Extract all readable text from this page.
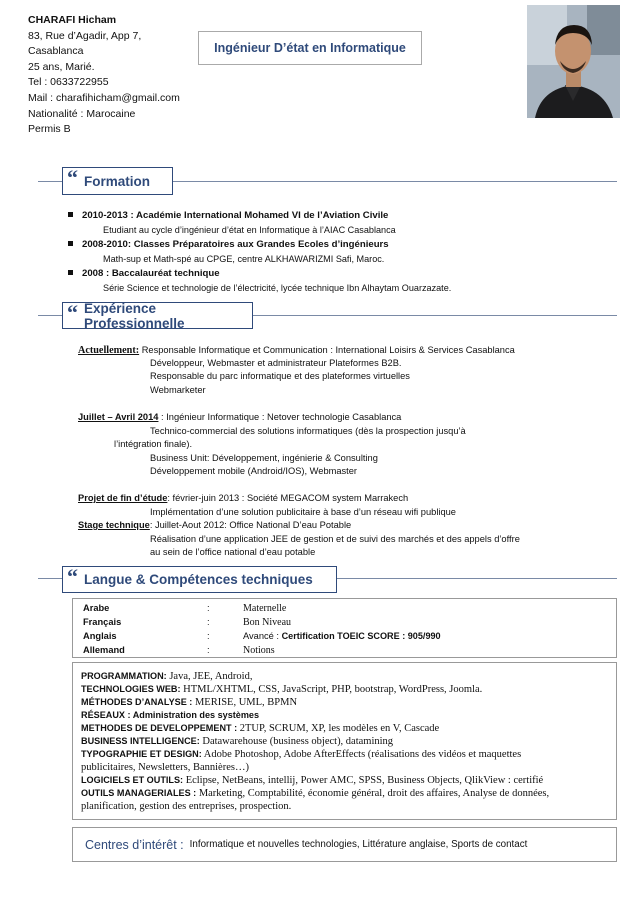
CHARAFI Hicham
83, Rue d’Agadir, App 7,
Casablanca
25 ans, Marié.
Tel : 0633722955
Mail : charafihicham@gmail.com
Nationalité : Marocaine
Permis B
Ingénieur D’état en Informatique
“ Formation
2010-2013 : Académie International Mohamed VI de l’Aviation Civile
Etudiant au cycle d’ingénieur d’état en Informatique à l’AIAC Casablanca
2008-2010: Classes Préparatoires aux Grandes Ecoles d’ingénieurs
Math-sup et Math-spé au CPGE, centre ALKHAWARIZMI Safi, Maroc.
2008 : Baccalauréat technique
Série Science et technologie de l’électricité, lycée technique Ibn Alhaytam Ouarzazate.
“ Expérience Professionnelle
Actuellement: Responsable Informatique et Communication : International Loisirs & Services Casablanca
Développeur, Webmaster et administrateur Plateformes B2B.
Responsable du parc informatique et des plateformes virtuelles
Webmarketer
Juillet – Avril 2014 : Ingénieur Informatique : Netover technologie Casablanca
Technico-commercial des solutions informatiques (dès la prospection jusqu’à
l’intégration finale).
Business Unit: Développement, ingénierie & Consulting
Développement mobile (Android/IOS), Webmaster
Projet de fin d’étude: février-juin 2013 : Société MEGACOM system Marrakech
Implémentation d’une solution publicitaire à base d’un réseau wifi publique
Stage technique: Juillet-Aout 2012: Office National D’eau Potable
Réalisation d’une application JEE de gestion et de suivi des marchés et des appels d’offre
au sein de l’office national d’eau potable
“ Langue & Compétences techniques
Arabe	:	Maternelle
Français	:	Bon Niveau
Anglais	:	Avancé : Certification TOEIC SCORE : 905/990
Allemand	:	Notions
PROGRAMMATION: Java, JEE, Android,
TECHNOLOGIES WEB: HTML/XHTML, CSS, JavaScript, PHP, bootstrap, WordPress, Joomla.
MÉTHODES D’ANALYSE : MERISE, UML, BPMN
RÉSEAUX : Administration des systèmes
METHODES DE DEVELOPPEMENT : 2TUP, SCRUM, XP, les modèles en V, Cascade
BUSINESS INTELLIGENCE: Datawarehouse (business object), datamining
TYPOGRAPHIE ET DESIGN: Adobe Photoshop, Adobe AfterEffects (réalisations des vidéos et maquettes
publicitaires, Newsletters, Bannières…)
LOGICIELS ET OUTILS: Eclipse, NetBeans, intellij, Power AMC, SPSS, Business Objects, QlikView : certifié
OUTILS MANAGERIALES : Marketing, Comptabilité, économie général, droit des affaires, Analyse de données,
planification, gestion des entreprises, prospection.
Centres d’intérêt : Informatique et nouvelles technologies, Littérature anglaise, Sports de contact
